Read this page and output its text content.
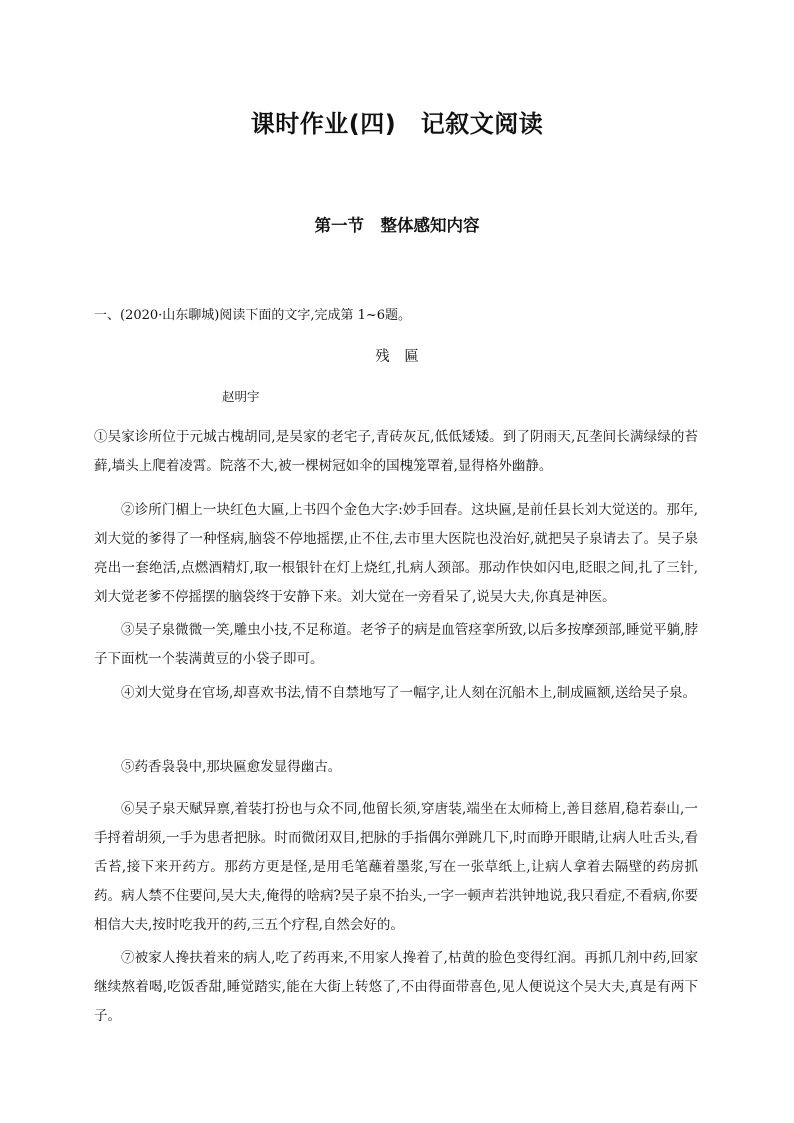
课时作业(四)　记叙文阅读
第一节　整体感知内容
一、(2020·山东聊城)阅读下面的文字,完成第 1~6题。
残　匾
赵明宇
①吴家诊所位于元城古槐胡同,是吴家的老宅子,青砖灰瓦,低低矮矮。到了阴雨天,瓦垄间长满绿绿的苔藓,墙头上爬着凌霄。院落不大,被一棵树冠如伞的国槐笼罩着,显得格外幽静。
②诊所门楣上一块红色大匾,上书四个金色大字:妙手回春。这块匾,是前任县长刘大觉送的。那年,刘大觉的爹得了一种怪病,脑袋不停地摇摆,止不住,去市里大医院也没治好,就把吴子泉请去了。吴子泉亮出一套绝活,点燃酒精灯,取一根银针在灯上烧红,扎病人颈部。那动作快如闪电,眨眼之间,扎了三针,刘大觉老爹不停摇摆的脑袋终于安静下来。刘大觉在一旁看呆了,说吴大夫,你真是神医。
③吴子泉微微一笑,雕虫小技,不足称道。老爷子的病是血管痉挛所致,以后多按摩颈部,睡觉平躺,脖子下面枕一个装满黄豆的小袋子即可。
④刘大觉身在官场,却喜欢书法,情不自禁地写了一幅字,让人刻在沉船木上,制成匾额,送给吴子泉。
⑤药香袅袅中,那块匾愈发显得幽古。
⑥吴子泉天赋异禀,着装打扮也与众不同,他留长须,穿唐装,端坐在太师椅上,善目慈眉,稳若泰山,一手捋着胡须,一手为患者把脉。时而微闭双目,把脉的手指偶尔弹跳几下,时而睁开眼睛,让病人吐舌头,看舌苔,接下来开药方。那药方更是怪,是用毛笔蘸着墨浆,写在一张草纸上,让病人拿着去隔壁的药房抓药。病人禁不住要问,吴大夫,俺得的啥病?吴子泉不抬头,一字一顿声若洪钟地说,我只看症,不看病,你要相信大夫,按时吃我开的药,三五个疗程,自然会好的。
⑦被家人搀扶着来的病人,吃了药再来,不用家人搀着了,枯黄的脸色变得红润。再抓几剂中药,回家继续熬着喝,吃饭香甜,睡觉踏实,能在大街上转悠了,不由得面带喜色,见人便说这个吴大夫,真是有两下子。
